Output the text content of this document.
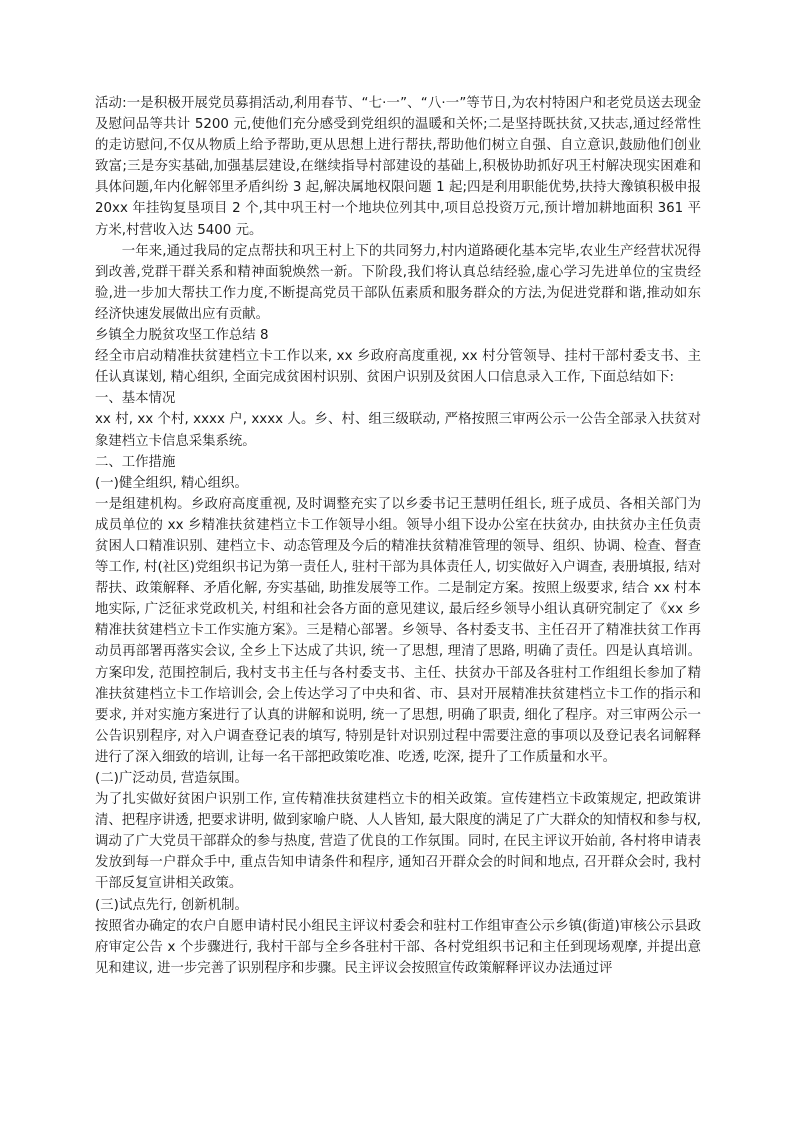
活动:一是积极开展党员募捐活动,利用春节、“七·一”、“八·一”等节日,为农村特困户和老党员送去现金及慰问品等共计 5200 元,使他们充分感受到党组织的温暖和关怀;二是坚持既扶贫,又扶志,通过经常性的走访慰问,不仅从物质上给予帮助,更从思想上进行帮扶,帮助他们树立自强、自立意识,鼓励他们创业致富;三是夯实基础,加强基层建设,在继续指导村部建设的基础上,积极协助抓好巩王村解决现实困难和具体问题,年内化解邻里矛盾纠纷 3 起,解决属地权限问题 1 起;四是利用职能优势,扶持大豫镇积极申报 20xx 年挂钩复垦项目 2 个,其中巩王村一个地块位列其中,项目总投资万元,预计增加耕地面积 361 平方米,村营收入达 5400 元。

一年来,通过我局的定点帮扶和巩王村上下的共同努力,村内道路硬化基本完毕,农业生产经营状况得到改善,党群干群关系和精神面貌焕然一新。下阶段,我们将认真总结经验,虚心学习先进单位的宝贵经验,进一步加大帮扶工作力度,不断提高党员干部队伍素质和服务群众的方法,为促进党群和谐,推动如东经济快速发展做出应有贡献。

乡镇全力脱贫攻坚工作总结 8

经全市启动精准扶贫建档立卡工作以来, xx 乡政府高度重视, xx 村分管领导、挂村干部村委支书、主任认真谋划, 精心组织, 全面完成贫困村识别、贫困户识别及贫困人口信息录入工作, 下面总结如下:

一、基本情况

xx 村, xx 个村, xxxx 户, xxxx 人。乡、村、组三级联动, 严格按照三审两公示一公告全部录入扶贫对象建档立卡信息采集系统。

二、工作措施

(一)健全组织, 精心组织。

一是组建机构。乡政府高度重视, 及时调整充实了以乡委书记王慧明任组长, 班子成员、各相关部门为成员单位的 xx 乡精准扶贫建档立卡工作领导小组。领导小组下设办公室在扶贫办, 由扶贫办主任负责贫困人口精准识别、建档立卡、动态管理及今后的精准扶贫精准管理的领导、组织、协调、检查、督查等工作, 村(社区)党组织书记为第一责任人, 驻村干部为具体责任人, 切实做好入户调查, 表册填报, 结对帮扶、政策解释、矛盾化解, 夯实基础, 助推发展等工作。二是制定方案。按照上级要求, 结合 xx 村本地实际, 广泛征求党政机关, 村组和社会各方面的意见建议, 最后经乡领导小组认真研究制定了《xx 乡精准扶贫建档立卡工作实施方案》。三是精心部署。乡领导、各村委支书、主任召开了精准扶贫工作再动员再部署再落实会议, 全乡上下达成了共识, 统一了思想, 理清了思路, 明确了责任。四是认真培训。方案印发, 范围控制后, 我村支书主任与各村委支书、主任、扶贫办干部及各驻村工作组组长参加了精准扶贫建档立卡工作培训会, 会上传达学习了中央和省、市、县对开展精准扶贫建档立卡工作的指示和要求, 并对实施方案进行了认真的讲解和说明, 统一了思想, 明确了职责, 细化了程序。对三审两公示一公告识别程序, 对入户调查登记表的填写, 特别是针对识别过程中需要注意的事项以及登记表名词解释进行了深入细致的培训, 让每一名干部把政策吃准、吃透, 吃深, 提升了工作质量和水平。

(二)广泛动员, 营造氛围。

为了扎实做好贫困户识别工作, 宣传精准扶贫建档立卡的相关政策。宣传建档立卡政策规定, 把政策讲清、把程序讲透, 把要求讲明, 做到家喻户晓、人人皆知, 最大限度的满足了广大群众的知情权和参与权, 调动了广大党员干部群众的参与热度, 营造了优良的工作氛围。同时, 在民主评议开始前, 各村将申请表发放到每一户群众手中, 重点告知申请条件和程序, 通知召开群众会的时间和地点, 召开群众会时, 我村干部反复宣讲相关政策。

(三)试点先行, 创新机制。

按照省办确定的农户自愿申请村民小组民主评议村委会和驻村工作组审查公示乡镇(街道)审核公示县政府审定公告 x 个步骤进行, 我村干部与全乡各驻村干部、各村党组织书记和主任到现场观摩, 并提出意见和建议, 进一步完善了识别程序和步骤。民主评议会按照宣传政策解释评议办法通过评
